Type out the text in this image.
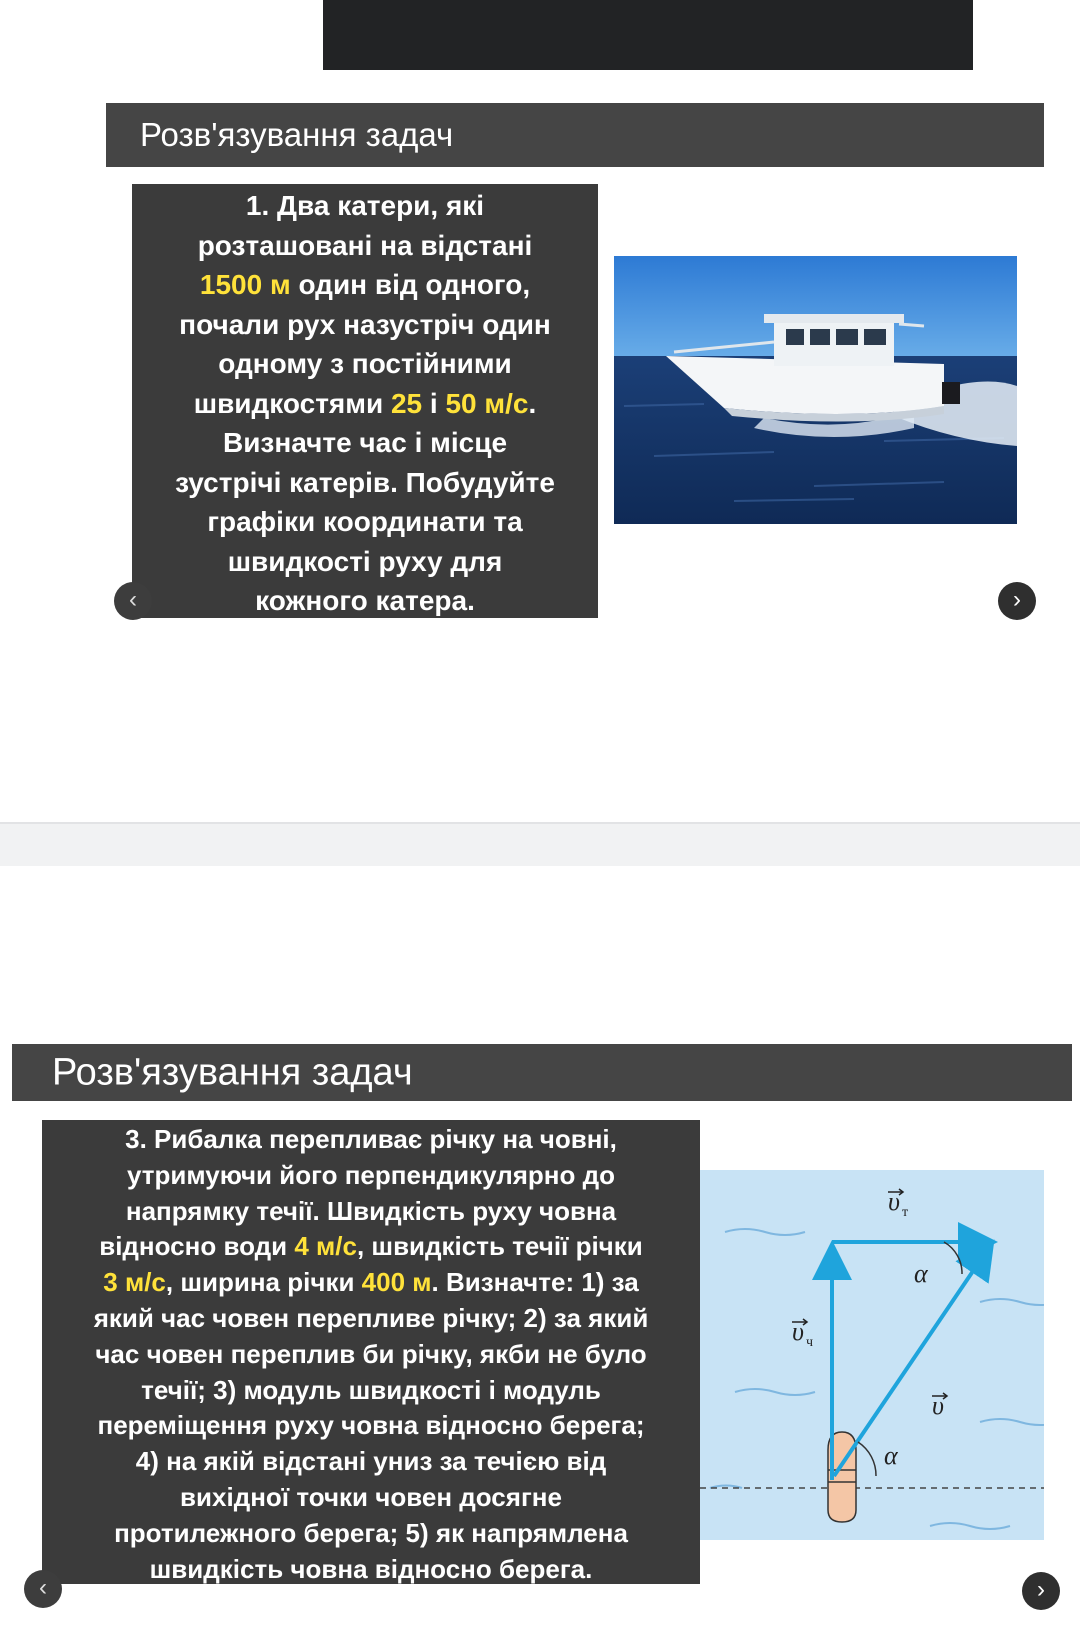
Розв'язування задач
1. Два катери, які
розташовані на відстані
1500 м один від одного,
почали рух назустріч один
одному з постійними
швидкостями 25 і 50 м/с.
Визначте час і місце
зустрічі катерів. Побудуйте
графіки координати та
швидкості руху для
кожного катера.
‹	›
Розв'язування задач
3. Рибалка перепливає річку на човні,
утримуючи його перпендикулярно до
напрямку течії. Швидкість руху човна
відносно води 4 м/с, швидкість течії річки
3 м/с, ширина річки 400 м. Визначте: 1) за
який час човен перепливе річку; 2) за який
час човен переплив би річку, якби не було
течії; 3) модуль швидкості і модуль
переміщення руху човна відносно берега;
4) на якій відстані униз за течією від
вихідної точки човен досягне
протилежного берега; 5) як напрямлена
швидкість човна відносно берега.
υ т
υ ч
υ
α
α
‹	›
